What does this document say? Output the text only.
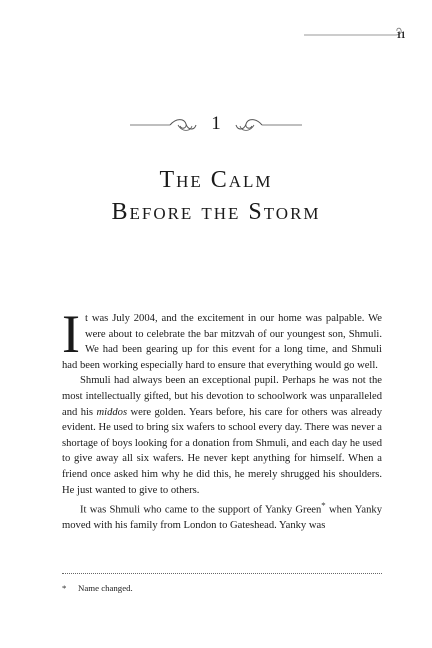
11
1
The Calm
Before the Storm

It was July 2004, and the excitement in our home was palpable. We were about to celebrate the bar mitzvah of our youngest son, Shmuli. We had been gearing up for this event for a long time, and Shmuli had been working especially hard to ensure that everything would go well.

Shmuli had always been an exceptional pupil. Perhaps he was not the most intellectually gifted, but his devotion to schoolwork was unparalleled and his middos were golden. Years before, his care for others was already evident. He used to bring six wafers to school every day. There was never a shortage of boys looking for a donation from Shmuli, and each day he used to give away all six wafers. He never kept anything for himself. When a friend once asked him why he did this, he merely shrugged his shoulders. He just wanted to give to others.

It was Shmuli who came to the support of Yanky Green* when Yanky moved with his family from London to Gateshead. Yanky was

* Name changed.
